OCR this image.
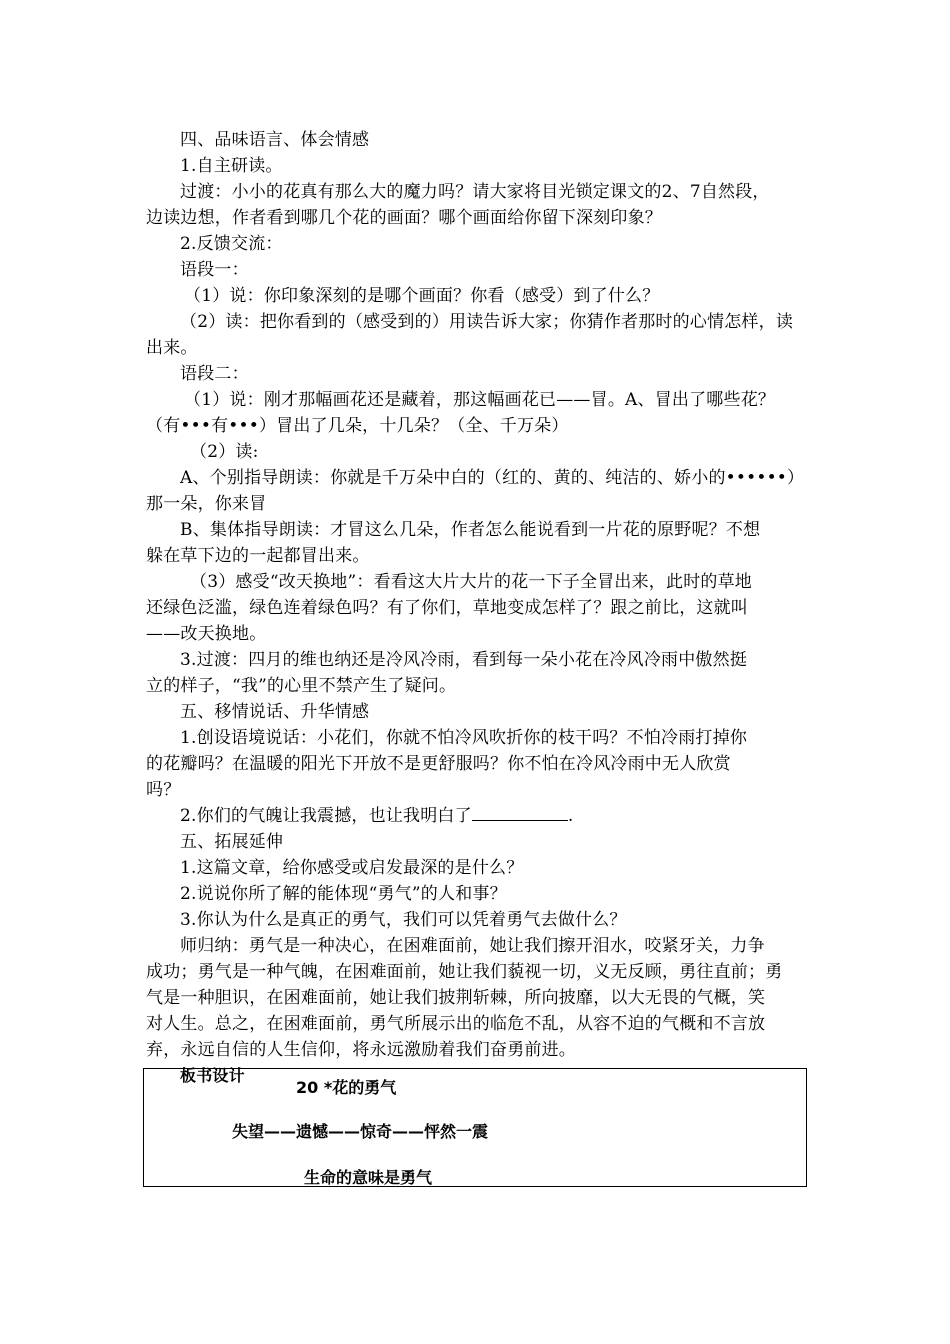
四、品味语言、体会情感
1.自主研读。
过渡：小小的花真有那么大的魔力吗？请大家将目光锁定课文的2、7自然段，
边读边想，作者看到哪几个花的画面？哪个画面给你留下深刻印象？
2.反馈交流：
语段一：
（1）说：你印象深刻的是哪个画面？你看（感受）到了什么？
（2）读：把你看到的（感受到的）用读告诉大家；你猜作者那时的心情怎样，读
出来。
语段二：
（1）说：刚才那幅画花还是藏着，那这幅画花已——冒。A、冒出了哪些花？
（有•••有•••）冒出了几朵，十几朵？（全、千万朵）
（2）读:
A、个别指导朗读：你就是千万朵中白的（红的、黄的、纯洁的、娇小的••••••）
那一朵，你来冒
B、集体指导朗读：才冒这么几朵，作者怎么能说看到一片花的原野呢？不想
躲在草下边的一起都冒出来。
（3）感受“改天换地”：看看这大片大片的花一下子全冒出来，此时的草地
还绿色泛滥，绿色连着绿色吗？有了你们，草地变成怎样了？跟之前比，这就叫
——改天换地。
3.过渡：四月的维也纳还是冷风冷雨，看到每一朵小花在冷风冷雨中傲然挺
立的样子，“我”的心里不禁产生了疑问。
五、移情说话、升华情感
1.创设语境说话：小花们，你就不怕冷风吹折你的枝干吗？不怕冷雨打掉你
的花瓣吗？在温暖的阳光下开放不是更舒服吗？你不怕在冷风冷雨中无人欣赏
吗？
2.你们的气魄让我震撼，也让我明白了	.
五、拓展延伸
1.这篇文章，给你感受或启发最深的是什么？
2.说说你所了解的能体现“勇气”的人和事？
3.你认为什么是真正的勇气，我们可以凭着勇气去做什么？
师归纳：勇气是一种决心，在困难面前，她让我们擦开泪水，咬紧牙关，力争
成功；勇气是一种气魄，在困难面前，她让我们藐视一切，义无反顾，勇往直前；勇
气是一种胆识，在困难面前，她让我们披荆斩棘，所向披靡，以大无畏的气概，笑
对人生。总之，在困难面前，勇气所展示出的临危不乱，从容不迫的气概和不言放
弃，永远自信的人生信仰，将永远激励着我们奋勇前进。
板书设计
20 *花的勇气
失望——遗憾——惊奇——怦然一震
生命的意味是勇气
